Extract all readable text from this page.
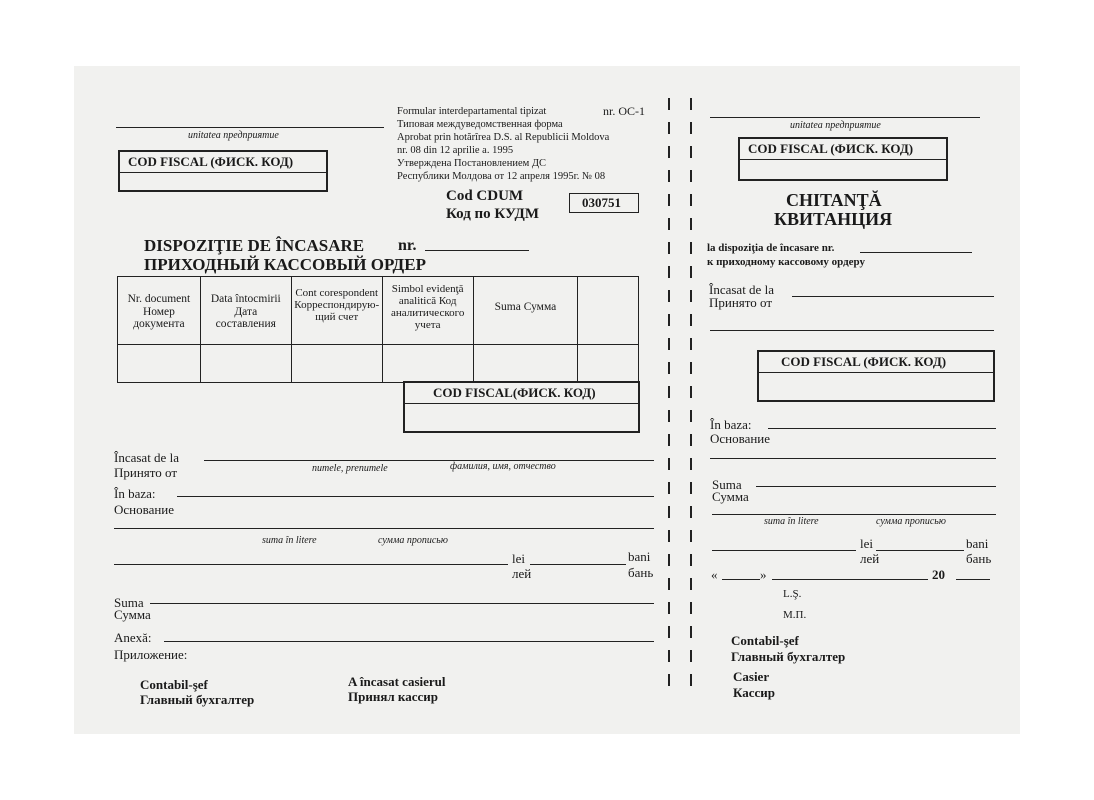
unitatea предприятие
COD FISCAL (ФИСК. КОД)
Formular interdepartamental tipizat
Типовая междуведомственная форма
Aprobat prin hotărîrea D.S. al Republicii Moldova
nr. 08 din 12 aprilie a. 1995
Утверждена Постановлением ДС
Республики Молдова от 12 апреля 1995г. № 08
nr. OC-1
Cod CDUM
Код по КУДМ
030751
DISPOZIŢIE DE ÎNCASARE nr.
ПРИХОДНЫЙ КАССОВЫЙ ОРДЕР
Nr. document Номер документа	Data întocmirii Дата составления	Cont corespondent Корреспондирую-щий счет	Simbol evidenţă analitică Код аналитического учета	Suma Сумма	

COD FISCAL(ФИСК. КОД)
Încasat de la
Принято от	numele, prenumele	фамилия, имя, отчество
În baza:
Основание
suma în litere	сумма прописью
lei
лей
bani
бань
Suma
Сумма
Anexă:
Приложение:
Contabil-şef
Главный бухгалтер
A încasat casierul
Принял кассир
unitatea предприятие
COD FISCAL (ФИСК. КОД)
CHITANŢĂ
КВИТАНЦИЯ
la dispoziţia de încasare nr.
к приходному кассовому ордеру
Încasat de la
Принято от
COD FISCAL (ФИСК. КОД)
În baza:
Основание
Suma
Сумма
suma în litere	сумма прописью
lei
лей
bani
бань
«	»	20
L.Ş.
М.П.
Contabil-şef
Главный бухгалтер
Casier
Кассир
